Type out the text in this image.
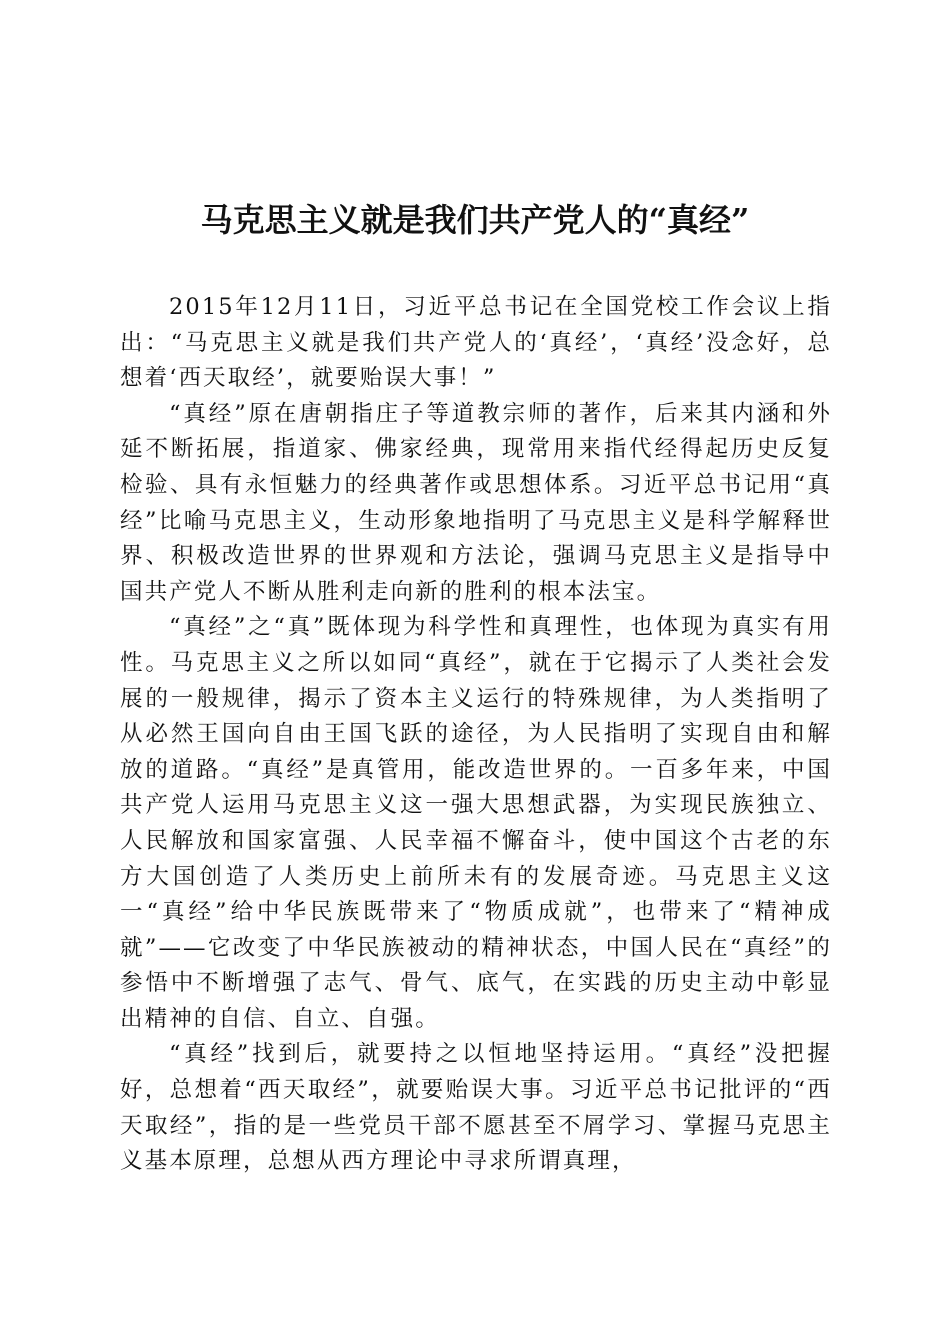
马克思主义就是我们共产党人的“真经”

2015年12月11日，习近平总书记在全国党校工作会议上指出：“马克思主义就是我们共产党人的‘真经’，‘真经’没念好，总想着‘西天取经’，就要贻误大事！”

“真经”原在唐朝指庄子等道教宗师的著作，后来其内涵和外延不断拓展，指道家、佛家经典，现常用来指代经得起历史反复检验、具有永恒魅力的经典著作或思想体系。习近平总书记用“真经”比喻马克思主义，生动形象地指明了马克思主义是科学解释世界、积极改造世界的世界观和方法论，强调马克思主义是指导中国共产党人不断从胜利走向新的胜利的根本法宝。

“真经”之“真”既体现为科学性和真理性，也体现为真实有用性。马克思主义之所以如同“真经”，就在于它揭示了人类社会发展的一般规律，揭示了资本主义运行的特殊规律，为人类指明了从必然王国向自由王国飞跃的途径，为人民指明了实现自由和解放的道路。“真经”是真管用，能改造世界的。一百多年来，中国共产党人运用马克思主义这一强大思想武器，为实现民族独立、人民解放和国家富强、人民幸福不懈奋斗，使中国这个古老的东方大国创造了人类历史上前所未有的发展奇迹。马克思主义这一“真经”给中华民族既带来了“物质成就”，也带来了“精神成就”——它改变了中华民族被动的精神状态，中国人民在“真经”的参悟中不断增强了志气、骨气、底气，在实践的历史主动中彰显出精神的自信、自立、自强。

“真经”找到后，就要持之以恒地坚持运用。“真经”没把握好，总想着“西天取经”，就要贻误大事。习近平总书记批评的“西天取经”，指的是一些党员干部不愿甚至不屑学习、掌握马克思主义基本原理，总想从西方理论中寻求所谓真理，
